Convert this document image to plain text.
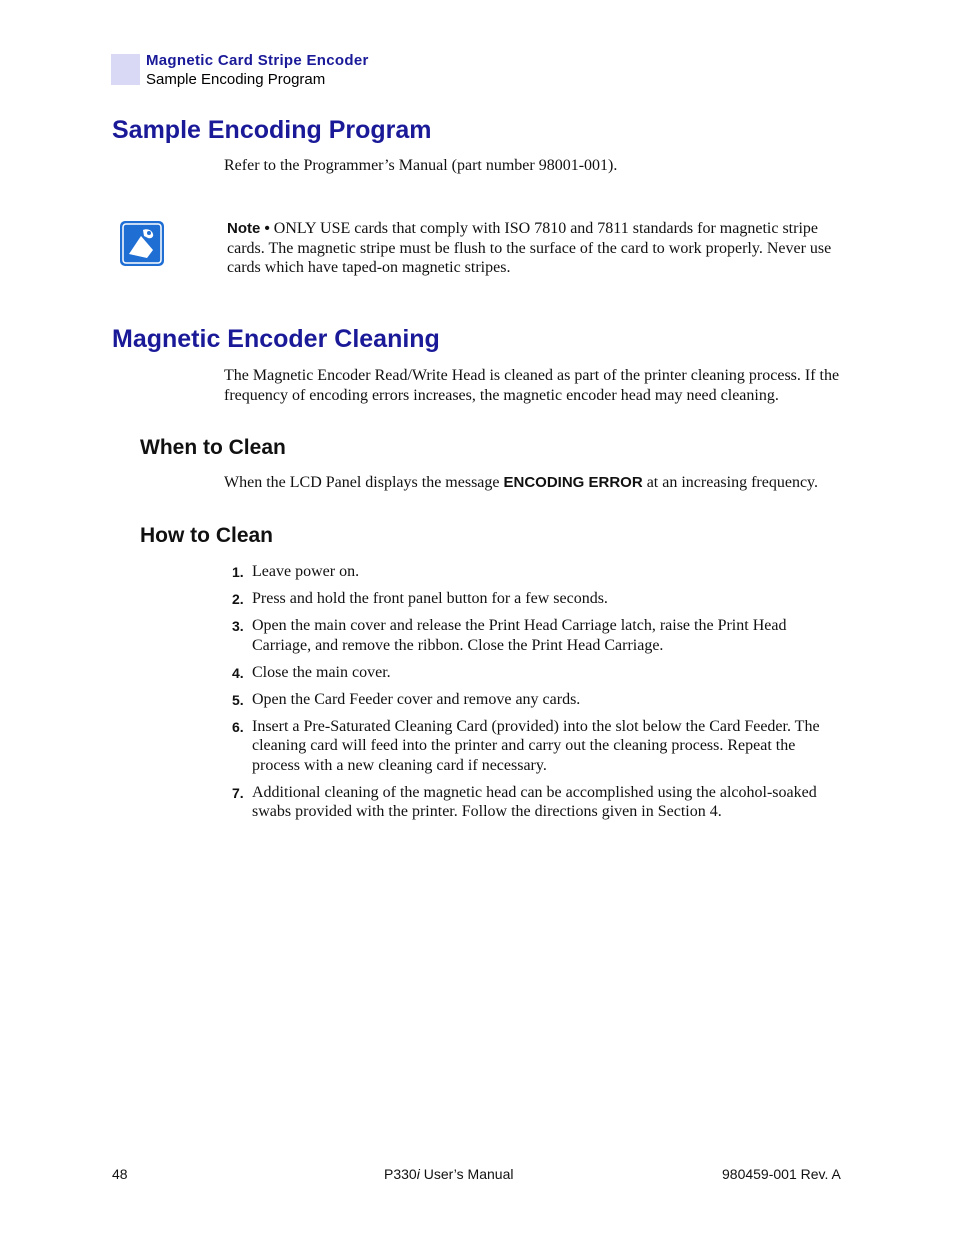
Magnetic Card Stripe Encoder
Sample Encoding Program
Sample Encoding Program

Refer to the Programmer’s Manual (part number 98001-001).

Note • ONLY USE cards that comply with ISO 7810 and 7811 standards for magnetic stripe cards. The magnetic stripe must be flush to the surface of the card to work properly. Never use cards which have taped-on magnetic stripes.

Magnetic Encoder Cleaning

The Magnetic Encoder Read/Write Head is cleaned as part of the printer cleaning process. If the frequency of encoding errors increases, the magnetic encoder head may need cleaning.

When to Clean

When the LCD Panel displays the message ENCODING ERROR at an increasing frequency.

How to Clean
1. Leave power on.
2. Press and hold the front panel button for a few seconds.
3. Open the main cover and release the Print Head Carriage latch, raise the Print Head Carriage, and remove the ribbon. Close the Print Head Carriage.
4. Close the main cover.
5. Open the Card Feeder cover and remove any cards.
6. Insert a Pre-Saturated Cleaning Card (provided) into the slot below the Card Feeder. The cleaning card will feed into the printer and carry out the cleaning process. Repeat the process with a new cleaning card if necessary.
7. Additional cleaning of the magnetic head can be accomplished using the alcohol-soaked swabs provided with the printer. Follow the directions given in Section 4.
48	P330i User’s Manual	980459-001 Rev. A
